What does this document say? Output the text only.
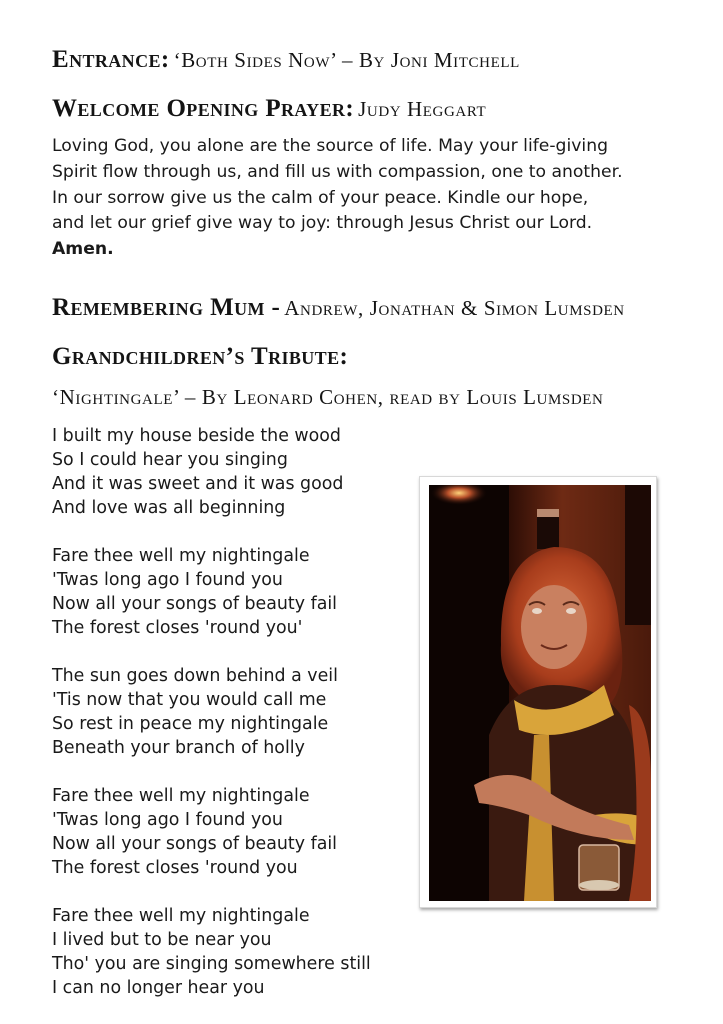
Entrance: ‘Both Sides Now’ – By Joni Mitchell
Welcome Opening Prayer: Judy Heggart
Loving God, you alone are the source of life. May your life-giving
Spirit flow through us, and fill us with compassion, one to another.
In our sorrow give us the calm of your peace. Kindle our hope,
and let our grief give way to joy: through Jesus Christ our Lord.
Amen.
Remembering Mum - Andrew, Jonathan & Simon Lumsden
Grandchildren’s Tribute:
‘Nightingale’ – By Leonard Cohen, read by Louis Lumsden
I built my house beside the wood
So I could hear you singing
And it was sweet and it was good
And love was all beginning
Fare thee well my nightingale
'Twas long ago I found you
Now all your songs of beauty fail
The forest closes 'round you'
The sun goes down behind a veil
'Tis now that you would call me
So rest in peace my nightingale
Beneath your branch of holly
Fare thee well my nightingale
'Twas long ago I found you
Now all your songs of beauty fail
The forest closes 'round you
Fare thee well my nightingale
I lived but to be near you
Tho' you are singing somewhere still
I can no longer hear you
